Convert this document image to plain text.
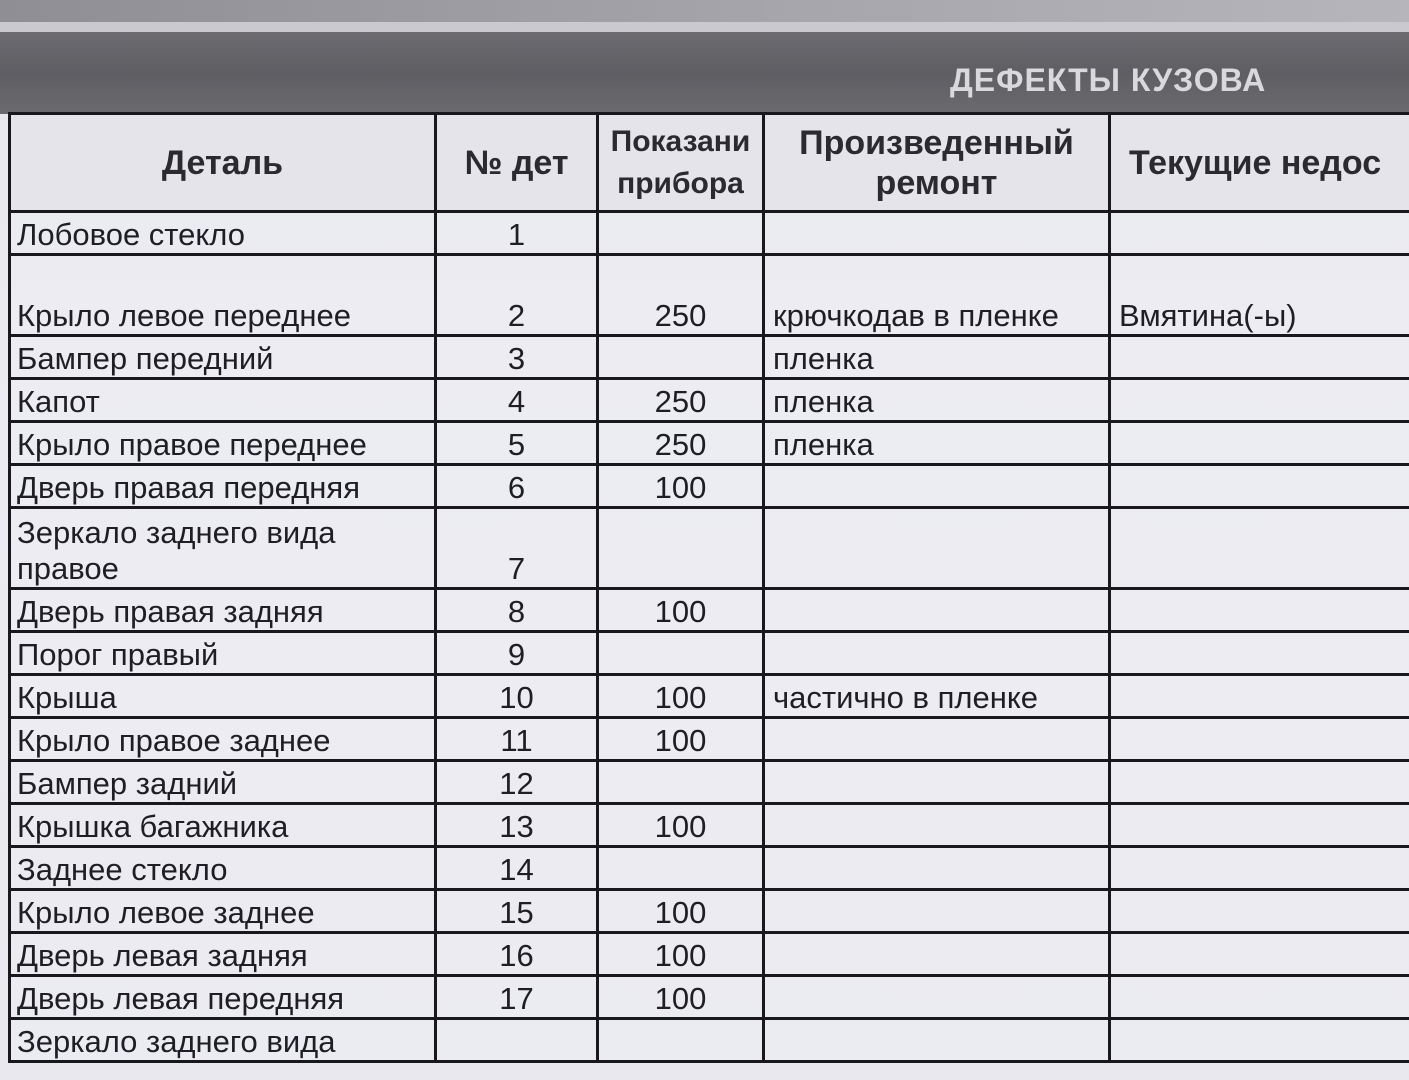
ДЕФЕКТЫ КУЗОВА
Деталь	№ дет	Показани прибора	Произведенный ремонт	Текущие недос
Лобовое стекло	1			
Крыло левое переднее	2	250	крючкодав в пленке	Вмятина(-ы)
Бампер передний	3		пленка	
Капот	4	250	пленка	
Крыло правое переднее	5	250	пленка	
Дверь правая передняя	6	100		
Зеркало заднего вида правое	7			
Дверь правая задняя	8	100		
Порог правый	9			
Крыша	10	100	частично в пленке	
Крыло правое заднее	11	100		
Бампер задний	12			
Крышка багажника	13	100		
Заднее стекло	14			
Крыло левое заднее	15	100		
Дверь левая задняя	16	100		
Дверь левая передняя	17	100		
Зеркало заднего вида				
